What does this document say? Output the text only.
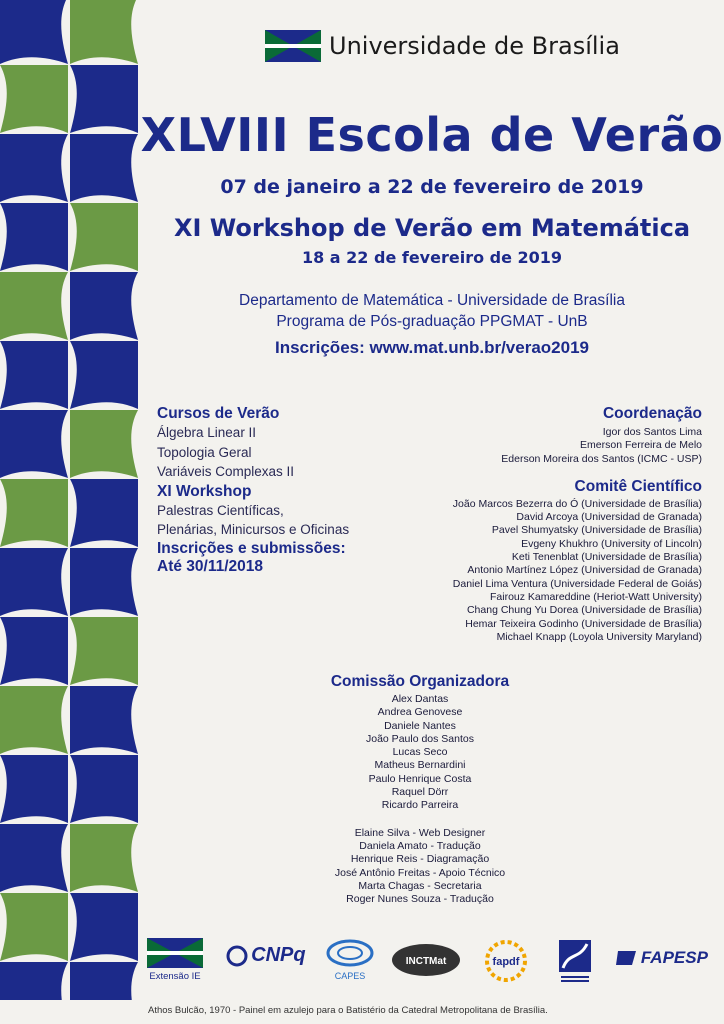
Universidade de Brasília
XLVIII Escola de Verão
07 de janeiro a 22 de fevereiro de 2019
XI Workshop de Verão em Matemática
18 a 22 de fevereiro de 2019
Departamento de Matemática - Universidade de Brasília
Programa de Pós-graduação PPGMAT - UnB
Inscrições: www.mat.unb.br/verao2019
Cursos de Verão
Álgebra Linear II
Topologia Geral
Variáveis Complexas II
XI Workshop
Palestras Científicas,
Plenárias, Minicursos e Oficinas
Inscrições e submissões:
Até 30/11/2018
Coordenação
Igor dos Santos Lima
Emerson Ferreira de Melo
Ederson Moreira dos Santos (ICMC - USP)
Comitê Científico
João Marcos Bezerra do Ó (Universidade de Brasília)
David Arcoya (Universidad de Granada)
Pavel Shumyatsky (Universidade de Brasília)
Evgeny Khukhro (University of Lincoln)
Keti Tenenblat (Universidade de Brasília)
Antonio Martínez López (Universidad de Granada)
Daniel Lima Ventura (Universidade Federal de Goiás)
Fairouz Kamareddine (Heriot-Watt University)
Chang Chung Yu Dorea (Universidade de Brasília)
Hemar Teixeira Godinho (Universidade de Brasília)
Michael Knapp (Loyola University Maryland)
Comissão Organizadora
Alex Dantas
Andrea Genovese
Daniele Nantes
João Paulo dos Santos
Lucas Seco
Matheus Bernardini
Paulo Henrique Costa
Raquel Dörr
Ricardo Parreira
Elaine Silva - Web Designer
Daniela Amato - Tradução
Henrique Reis - Diagramação
José Antônio Freitas - Apoio Técnico
Marta Chagas - Secretaria
Roger Nunes Souza - Tradução
Extensão IE
CNPq
CAPES
INCTMat	fapdf	FAPESP
Athos Bulcão, 1970 - Painel em azulejo para o Batistério da Catedral Metropolitana de Brasília.
